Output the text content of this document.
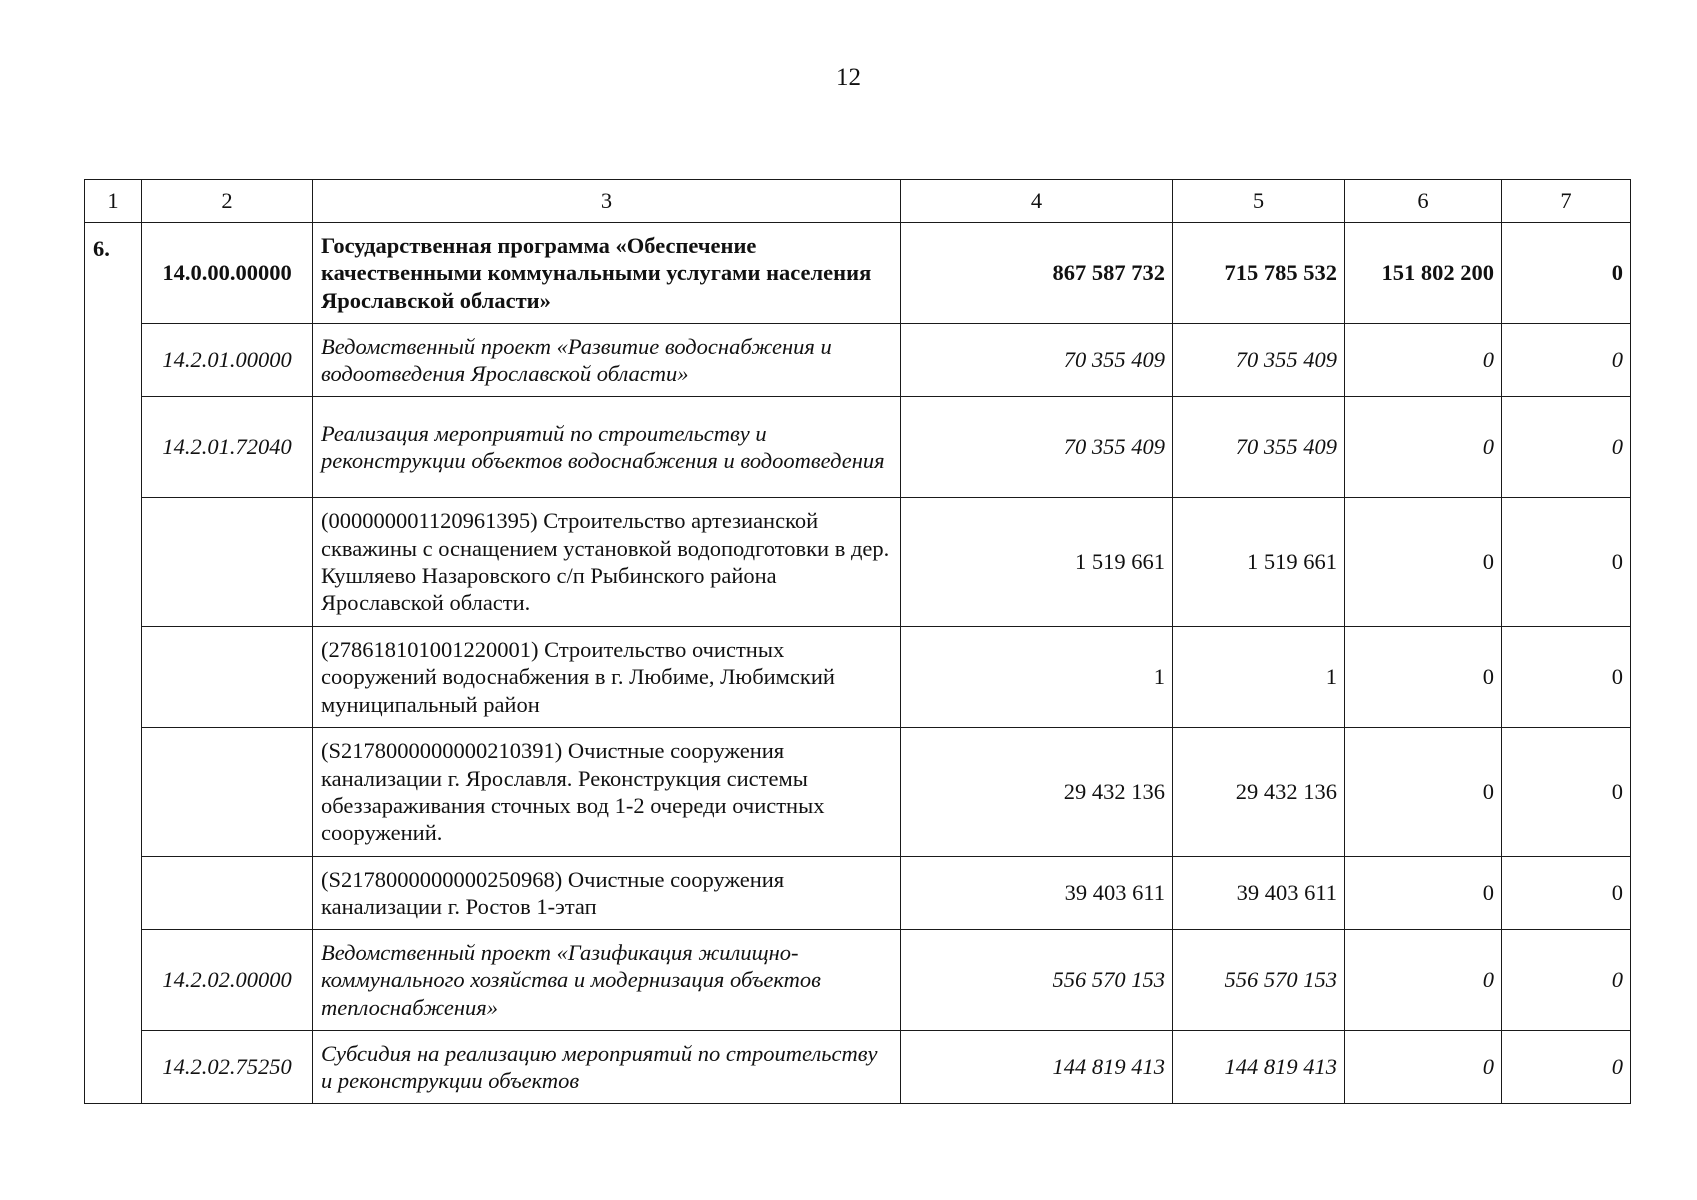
12
1	2	3	4	5	6	7
6.	14.0.00.00000	Государственная программа «Обеспечение качественными коммунальными услугами населения Ярославской области»	867 587 732	715 785 532	151 802 200	0
	14.2.01.00000	Ведомственный проект «Развитие водоснабжения и водоотведения Ярославской области»	70 355 409	70 355 409	0	0
	14.2.01.72040	Реализация мероприятий по строительству и реконструкции объектов водоснабжения и водоотведения	70 355 409	70 355 409	0	0
		(000000001120961395) Строительство артезианской скважины с оснащением установкой водоподготовки в дер. Кушляево Назаровского с/п Рыбинского района Ярославской области.	1 519 661	1 519 661	0	0
		(278618101001220001) Строительство очистных сооружений водоснабжения в г. Любиме, Любимский муниципальный район	1	1	0	0
		(S2178000000000210391) Очистные сооружения канализации г. Ярославля. Реконструкция системы обеззараживания сточных вод 1-2 очереди очистных сооружений.	29 432 136	29 432 136	0	0
		(S2178000000000250968) Очистные сооружения канализации г. Ростов 1-этап	39 403 611	39 403 611	0	0
	14.2.02.00000	Ведомственный проект «Газификация жилищно-коммунального хозяйства и модернизация объектов теплоснабжения»	556 570 153	556 570 153	0	0
	14.2.02.75250	Субсидия на реализацию мероприятий по строительству и реконструкции объектов	144 819 413	144 819 413	0	0
